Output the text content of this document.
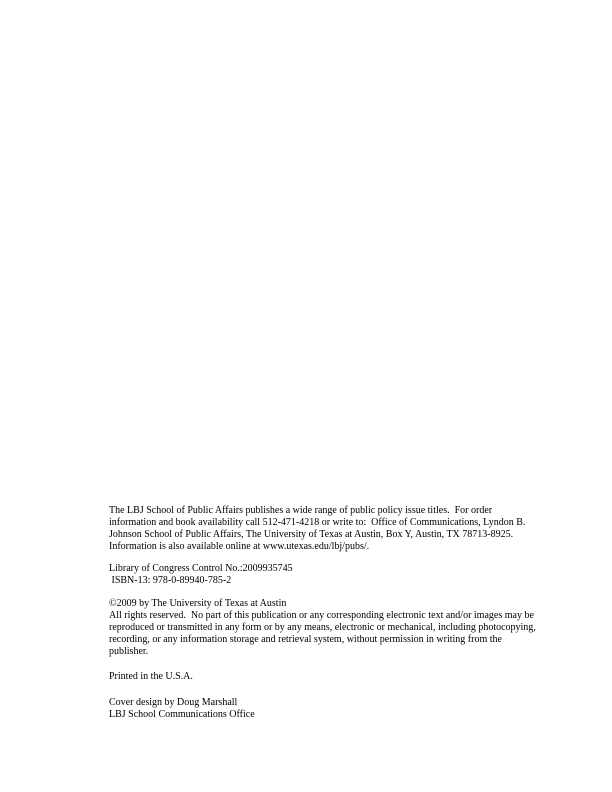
The LBJ School of Public Affairs publishes a wide range of public policy issue titles.  For order
information and book availability call 512-471-4218 or write to:  Office of Communications, Lyndon B.
Johnson School of Public Affairs, The University of Texas at Austin, Box Y, Austin, TX 78713-8925.
Information is also available online at www.utexas.edu/lbj/pubs/.
Library of Congress Control No.:2009935745
ISBN-13: 978-0-89940-785-2
©2009 by The University of Texas at Austin
All rights reserved.  No part of this publication or any corresponding electronic text and/or images may be
reproduced or transmitted in any form or by any means, electronic or mechanical, including photocopying,
recording, or any information storage and retrieval system, without permission in writing from the
publisher.
Printed in the U.S.A.
Cover design by Doug Marshall
LBJ School Communications Office
